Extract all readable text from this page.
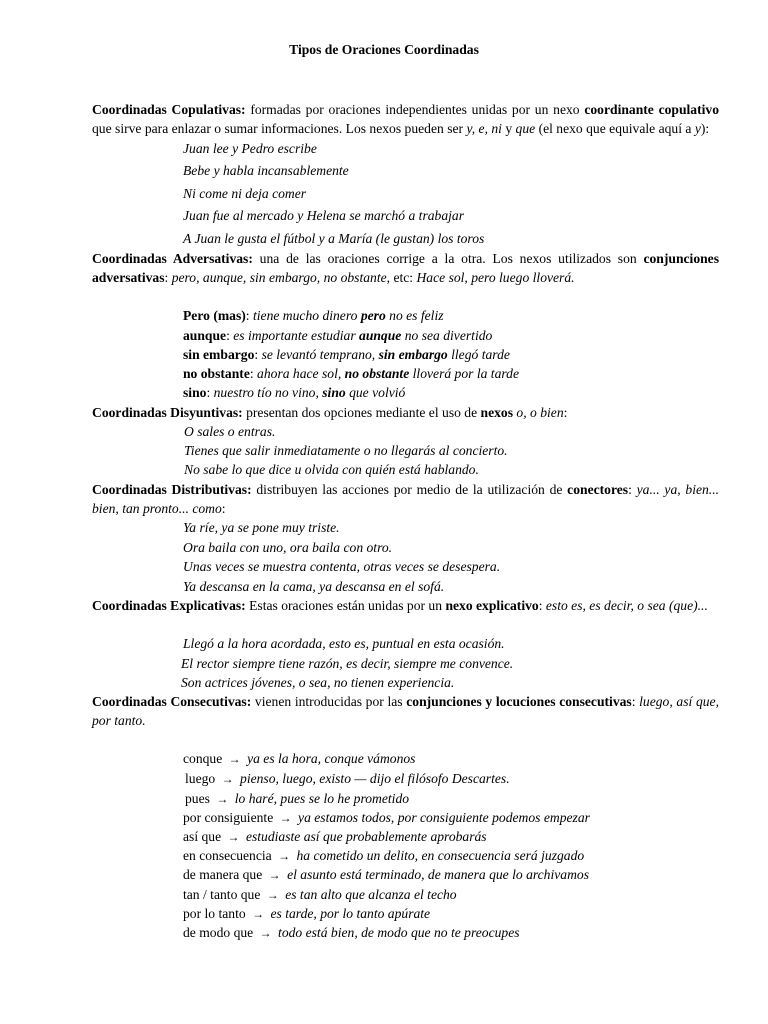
Tipos de Oraciones Coordinadas
Coordinadas Copulativas: formadas por oraciones independientes unidas por un nexo coordinante copulativo que sirve para enlazar o sumar informaciones. Los nexos pueden ser y, e, ni y que (el nexo que equivale aquí a y):
Juan lee y Pedro escribe
Bebe y habla incansablemente
Ni come ni deja comer
Juan fue al mercado y Helena se marchó a trabajar
A Juan le gusta el fútbol y a María (le gustan) los toros
Coordinadas Adversativas: una de las oraciones corrige a la otra. Los nexos utilizados son conjunciones adversativas: pero, aunque, sin embargo, no obstante, etc: Hace sol, pero luego lloverá.
Pero (mas): tiene mucho dinero pero no es feliz
aunque: es importante estudiar aunque no sea divertido
sin embargo: se levantó temprano, sin embargo llegó tarde
no obstante: ahora hace sol, no obstante lloverá por la tarde
sino: nuestro tío no vino, sino que volvió
Coordinadas Disyuntivas: presentan dos opciones mediante el uso de nexos o, o bien:
O sales o entras.
Tienes que salir inmediatamente o no llegarás al concierto.
No sabe lo que dice u olvida con quién está hablando.
Coordinadas Distributivas: distribuyen las acciones por medio de la utilización de conectores: ya... ya, bien... bien, tan pronto... como:
Ya ríe, ya se pone muy triste.
Ora baila con uno, ora baila con otro.
Unas veces se muestra contenta, otras veces se desespera.
Ya descansa en la cama, ya descansa en el sofá.
Coordinadas Explicativas: Estas oraciones están unidas por un nexo explicativo: esto es, es decir, o sea (que)...
Llegó a la hora acordada, esto es, puntual en esta ocasión.
El rector siempre tiene razón, es decir, siempre me convence.
Son actrices jóvenes, o sea, no tienen experiencia.
Coordinadas Consecutivas: vienen introducidas por las conjunciones y locuciones consecutivas: luego, así que, por tanto.
conque → ya es la hora, conque vámonos
luego → pienso, luego, existo — dijo el filósofo Descartes.
pues → lo haré, pues se lo he prometido
por consiguiente → ya estamos todos, por consiguiente podemos empezar
así que → estudiaste así que probablemente aprobarás
en consecuencia → ha cometido un delito, en consecuencia será juzgado
de manera que → el asunto está terminado, de manera que lo archivamos
tan / tanto que → es tan alto que alcanza el techo
por lo tanto → es tarde, por lo tanto apúrate
de modo que → todo está bien, de modo que no te preocupes
